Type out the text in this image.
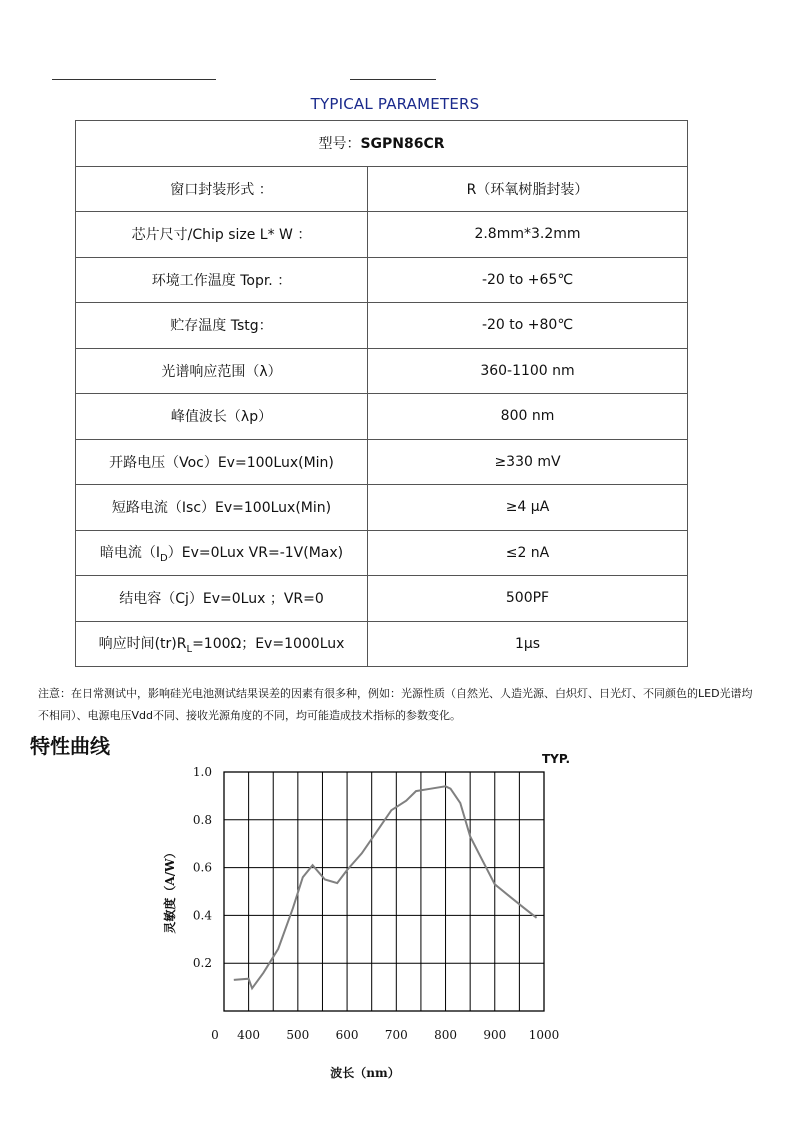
TYPICAL PARAMETERS
型号：SGPN86CR	
窗口封装形式 ：	R（环氧树脂封装）
芯片尺寸/Chip size L* W ：	2.8mm*3.2mm
环境工作温度 Topr. ：	-20 to +65℃
贮存温度 Tstg：	-20 to +80℃
光谱响应范围（λ）	360-1100 nm
峰值波长（λp）	800 nm
开路电压（Voc）Ev=100Lux(Min)	≥330 mV
短路电流（Isc）Ev=100Lux(Min)	≥4 μA
暗电流$(I_D)Ev=0Lux$ VR=-1V(Max)	≤2 nA
结电容（Cj）Ev=0Lux ；VR=0	500PF
响应时间$(tr)R_L=100\Omega$；Ev=1000Lux	1μs
注意：在日常测试中，影响硅光电池测试结果误差的因素有很多种，例如：光源性质（自然光、人造光源、白炽灯、日光灯、不同颜色的LED光谱均不相同）、电源电压Vdd不同、接收光源角度的不同，均可能造成技术指标的参数变化。
特性曲线
0 400 500 600 700 800 900 1000
0.2
0.4
0.6
0.8
1.0
TYP.
波长（nm）
灵敏度（A/W）
